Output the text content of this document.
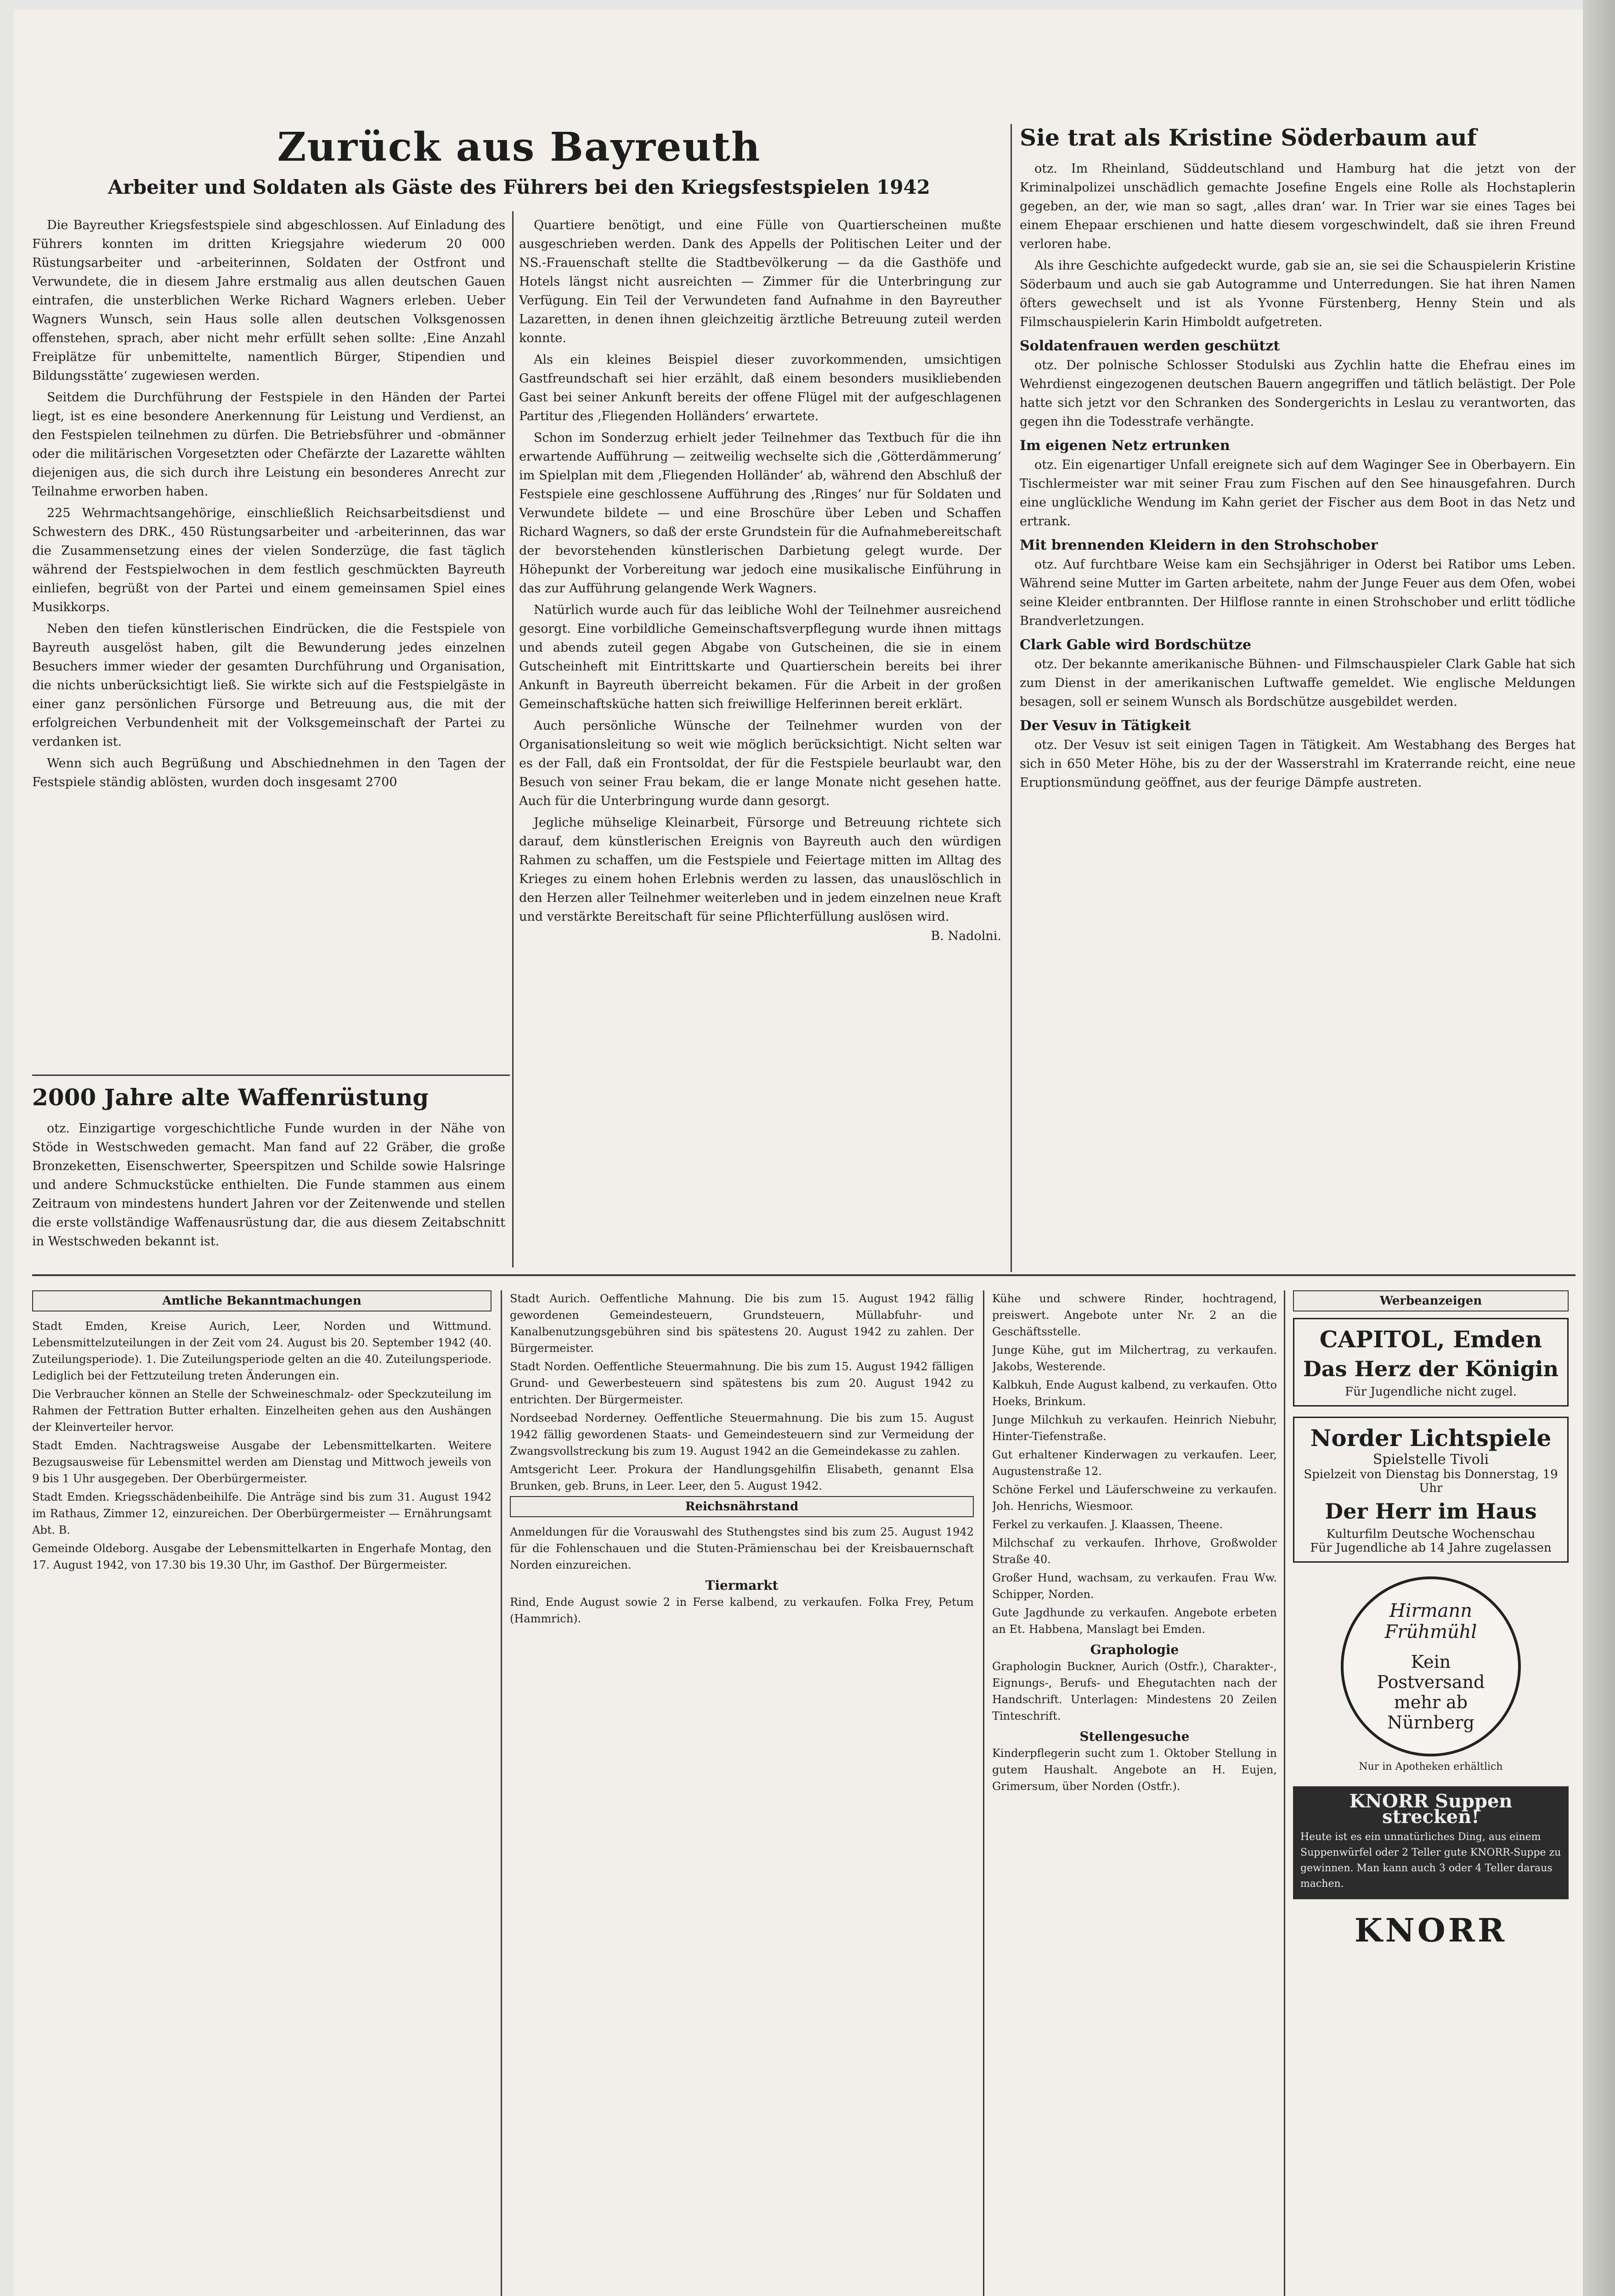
Zurück aus Bayreuth
Arbeiter und Soldaten als Gäste des Führers bei den Kriegsfestspielen 1942

Die Bayreuther Kriegsfestspiele sind abgeschlossen. Auf Einladung des Führers konnten im dritten Kriegsjahre wiederum 20 000 Rüstungsarbeiter und -arbeiterinnen, Soldaten der Ostfront und Verwundete, die in diesem Jahre erstmalig aus allen deutschen Gauen eintrafen, die unsterblichen Werke Richard Wagners erleben. Ueber Wagners Wunsch, sein Haus solle allen deutschen Volksgenossen offenstehen, sprach, aber nicht mehr erfüllt sehen sollte: ‚Eine Anzahl Freiplätze für unbemittelte, namentlich Bürger, Stipendien und Bildungsstätte‘ zugewiesen werden.

Seitdem die Durchführung der Festspiele in den Händen der Partei liegt, ist es eine besondere Anerkennung für Leistung und Verdienst, an den Festspielen teilnehmen zu dürfen. Die Betriebsführer und -obmänner oder die militärischen Vorgesetzten oder Chefärzte der Lazarette wählten diejenigen aus, die sich durch ihre Leistung ein besonderes Anrecht zur Teilnahme erworben haben.

225 Wehrmachtsangehörige, einschließlich Reichsarbeitsdienst und Schwestern des DRK., 450 Rüstungsarbeiter und -arbeiterinnen, das war die Zusammensetzung eines der vielen Sonderzüge, die fast täglich während der Festspielwochen in dem festlich geschmückten Bayreuth einliefen, begrüßt von der Partei und einem gemeinsamen Spiel eines Musikkorps.

Neben den tiefen künstlerischen Eindrücken, die die Festspiele von Bayreuth ausgelöst haben, gilt die Bewunderung jedes einzelnen Besuchers immer wieder der gesamten Durchführung und Organisation, die nichts unberücksichtigt ließ. Sie wirkte sich auf die Festspielgäste in einer ganz persönlichen Fürsorge und Betreuung aus, die mit der erfolgreichen Verbundenheit mit der Volksgemeinschaft der Partei zu verdanken ist.

Wenn sich auch Begrüßung und Abschiednehmen in den Tagen der Festspiele ständig ablösten, wurden doch insgesamt 2700

Quartiere benötigt, und eine Fülle von Quartierscheinen mußte ausgeschrieben werden. Dank des Appells der Politischen Leiter und der NS.-Frauenschaft stellte die Stadtbevölkerung — da die Gasthöfe und Hotels längst nicht ausreichten — Zimmer für die Unterbringung zur Verfügung. Ein Teil der Verwundeten fand Aufnahme in den Bayreuther Lazaretten, in denen ihnen gleichzeitig ärztliche Betreuung zuteil werden konnte.

Als ein kleines Beispiel dieser zuvorkommenden, umsichtigen Gastfreundschaft sei hier erzählt, daß einem besonders musikliebenden Gast bei seiner Ankunft bereits der offene Flügel mit der aufgeschlagenen Partitur des ‚Fliegenden Holländers‘ erwartete.

Schon im Sonderzug erhielt jeder Teilnehmer das Textbuch für die ihn erwartende Aufführung — zeitweilig wechselte sich die ‚Götterdämmerung‘ im Spielplan mit dem ‚Fliegenden Holländer‘ ab, während den Abschluß der Festspiele eine geschlossene Aufführung des ‚Ringes‘ nur für Soldaten und Verwundete bildete — und eine Broschüre über Leben und Schaffen Richard Wagners, so daß der erste Grundstein für die Aufnahmebereitschaft der bevorstehenden künstlerischen Darbietung gelegt wurde. Der Höhepunkt der Vorbereitung war jedoch eine musikalische Einführung in das zur Aufführung gelangende Werk Wagners.

Natürlich wurde auch für das leibliche Wohl der Teilnehmer ausreichend gesorgt. Eine vorbildliche Gemeinschaftsverpflegung wurde ihnen mittags und abends zuteil gegen Abgabe von Gutscheinen, die sie in einem Gutscheinheft mit Eintrittskarte und Quartierschein bereits bei ihrer Ankunft in Bayreuth überreicht bekamen. Für die Arbeit in der großen Gemeinschaftsküche hatten sich freiwillige Helferinnen bereit erklärt.

Auch persönliche Wünsche der Teilnehmer wurden von der Organisationsleitung so weit wie möglich berücksichtigt. Nicht selten war es der Fall, daß ein Frontsoldat, der für die Festspiele beurlaubt war, den Besuch von seiner Frau bekam, die er lange Monate nicht gesehen hatte. Auch für die Unterbringung wurde dann gesorgt.

Jegliche mühselige Kleinarbeit, Fürsorge und Betreuung richtete sich darauf, dem künstlerischen Ereignis von Bayreuth auch den würdigen Rahmen zu schaffen, um die Festspiele und Feiertage mitten im Alltag des Krieges zu einem hohen Erlebnis werden zu lassen, das unauslöschlich in den Herzen aller Teilnehmer weiterleben und in jedem einzelnen neue Kraft und verstärkte Bereitschaft für seine Pflichterfüllung auslösen wird.

B. Nadolni.
2000 Jahre alte Waffenrüstung

otz. Einzigartige vorgeschichtliche Funde wurden in der Nähe von Stöde in Westschweden gemacht. Man fand auf 22 Gräber, die große Bronzeketten, Eisenschwerter, Speerspitzen und Schilde sowie Halsringe und andere Schmuckstücke enthielten. Die Funde stammen aus einem Zeitraum von mindestens hundert Jahren vor der Zeitenwende und stellen die erste vollständige Waffenausrüstung dar, die aus diesem Zeitabschnitt in Westschweden bekannt ist.

Sie trat als Kristine Söderbaum auf

otz. Im Rheinland, Süddeutschland und Hamburg hat die jetzt von der Kriminalpolizei unschädlich gemachte Josefine Engels eine Rolle als Hochstaplerin gegeben, an der, wie man so sagt, ‚alles dran‘ war. In Trier war sie eines Tages bei einem Ehepaar erschienen und hatte diesem vorgeschwindelt, daß sie ihren Freund verloren habe.

Als ihre Geschichte aufgedeckt wurde, gab sie an, sie sei die Schauspielerin Kristine Söderbaum und auch sie gab Autogramme und Unterredungen. Sie hat ihren Namen öfters gewechselt und ist als Yvonne Fürstenberg, Henny Stein und als Filmschauspielerin Karin Himboldt aufgetreten.

Soldatenfrauen werden geschützt

otz. Der polnische Schlosser Stodulski aus Zychlin hatte die Ehefrau eines im Wehrdienst eingezogenen deutschen Bauern angegriffen und tätlich belästigt. Der Pole hatte sich jetzt vor den Schranken des Sondergerichts in Leslau zu verantworten, das gegen ihn die Todesstrafe verhängte.

Im eigenen Netz ertrunken

otz. Ein eigenartiger Unfall ereignete sich auf dem Waginger See in Oberbayern. Ein Tischlermeister war mit seiner Frau zum Fischen auf den See hinausgefahren. Durch eine unglückliche Wendung im Kahn geriet der Fischer aus dem Boot in das Netz und ertrank.

Mit brennenden Kleidern in den Strohschober

otz. Auf furchtbare Weise kam ein Sechsjähriger in Oderst bei Ratibor ums Leben. Während seine Mutter im Garten arbeitete, nahm der Junge Feuer aus dem Ofen, wobei seine Kleider entbrannten. Der Hilflose rannte in einen Strohschober und erlitt tödliche Brandverletzungen.

Clark Gable wird Bordschütze

otz. Der bekannte amerikanische Bühnen- und Filmschauspieler Clark Gable hat sich zum Dienst in der amerikanischen Luftwaffe gemeldet. Wie englische Meldungen besagen, soll er seinem Wunsch als Bordschütze ausgebildet werden.

Der Vesuv in Tätigkeit

otz. Der Vesuv ist seit einigen Tagen in Tätigkeit. Am Westabhang des Berges hat sich in 650 Meter Höhe, bis zu der der Wasserstrahl im Kraterrande reicht, eine neue Eruptionsmündung geöffnet, aus der feurige Dämpfe austreten.

Amtliche Bekanntmachungen

Stadt Emden, Kreise Aurich, Leer, Norden und Wittmund. Lebensmittelzuteilungen in der Zeit vom 24. August bis 20. September 1942 (40. Zuteilungsperiode). 1. Die Zuteilungsperiode gelten an die 40. Zuteilungsperiode. Lediglich bei der Fettzuteilung treten Änderungen ein.

Die Verbraucher können an Stelle der Schweineschmalz- oder Speckzuteilung im Rahmen der Fettration Butter erhalten. Einzelheiten gehen aus den Aushängen der Kleinverteiler hervor.

Stadt Emden. Nachtragsweise Ausgabe der Lebensmittelkarten. Weitere Bezugsausweise für Lebensmittel werden am Dienstag und Mittwoch jeweils von 9 bis 1 Uhr ausgegeben. Der Oberbürgermeister.

Stadt Emden. Kriegsschädenbeihilfe. Die Anträge sind bis zum 31. August 1942 im Rathaus, Zimmer 12, einzureichen. Der Oberbürgermeister — Ernährungsamt Abt. B.

Gemeinde Oldeborg. Ausgabe der Lebensmittelkarten in Engerhafe Montag, den 17. August 1942, von 17.30 bis 19.30 Uhr, im Gasthof. Der Bürgermeister.

Stadt Aurich. Oeffentliche Mahnung. Die bis zum 15. August 1942 fällig gewordenen Gemeindesteuern, Grundsteuern, Müllabfuhr- und Kanalbenutzungsgebühren sind bis spätestens 20. August 1942 zu zahlen. Der Bürgermeister.

Stadt Norden. Oeffentliche Steuermahnung. Die bis zum 15. August 1942 fälligen Grund- und Gewerbesteuern sind spätestens bis zum 20. August 1942 zu entrichten. Der Bürgermeister.

Nordseebad Norderney. Oeffentliche Steuermahnung. Die bis zum 15. August 1942 fällig gewordenen Staats- und Gemeindesteuern sind zur Vermeidung der Zwangsvollstreckung bis zum 19. August 1942 an die Gemeindekasse zu zahlen.

Amtsgericht Leer. Prokura der Handlungsgehilfin Elisabeth, genannt Elsa Brunken, geb. Bruns, in Leer. Leer, den 5. August 1942.

Reichsnährstand

Anmeldungen für die Vorauswahl des Stuthengstes sind bis zum 25. August 1942 für die Fohlenschauen und die Stuten-Prämienschau bei der Kreisbauernschaft Norden einzureichen.

Tiermarkt

Rind, Ende August sowie 2 in Ferse kalbend, zu verkaufen. Folka Frey, Petum (Hammrich).

Kühe und schwere Rinder, hochtragend, preiswert. Angebote unter Nr. 2 an die Geschäftsstelle.

Junge Kühe, gut im Milchertrag, zu verkaufen. Jakobs, Westerende.

Kalbkuh, Ende August kalbend, zu verkaufen. Otto Hoeks, Brinkum.

Junge Milchkuh zu verkaufen. Heinrich Niebuhr, Hinter-Tiefenstraße.

Gut erhaltener Kinderwagen zu verkaufen. Leer, Augustenstraße 12.

Schöne Ferkel und Läuferschweine zu verkaufen. Joh. Henrichs, Wiesmoor.

Ferkel zu verkaufen. J. Klaassen, Theene.

Milchschaf zu verkaufen. Ihrhove, Großwolder Straße 40.

Großer Hund, wachsam, zu verkaufen. Frau Ww. Schipper, Norden.

Gute Jagdhunde zu verkaufen. Angebote erbeten an Et. Habbena, Manslagt bei Emden.

Graphologie

Graphologin Buckner, Aurich (Ostfr.), Charakter-, Eignungs-, Berufs- und Ehegutachten nach der Handschrift. Unterlagen: Mindestens 20 Zeilen Tinteschrift.

Stellengesuche

Kinderpflegerin sucht zum 1. Oktober Stellung in gutem Haushalt. Angebote an H. Eujen, Grimersum, über Norden (Ostfr.).

Werbeanzeigen
CAPITOL, Emden
Das Herz der Königin
Für Jugendliche nicht zugel.
Norder Lichtspiele
Spielstelle Tivoli
Spielzeit von Dienstag bis Donnerstag, 19 Uhr
Der Herr im Haus
Kulturfilm Deutsche Wochenschau
Für Jugendliche ab 14 Jahre zugelassen
Hirmann Frühmühl
Kein
Postversand
mehr ab
Nürnberg
Nur in Apotheken erhältlich
KNORR Suppen strecken!
Heute ist es ein unnatürliches Ding, aus einem Suppenwürfel oder 2 Teller gute KNORR-Suppe zu gewinnen. Man kann auch 3 oder 4 Teller daraus machen.
KNORR
